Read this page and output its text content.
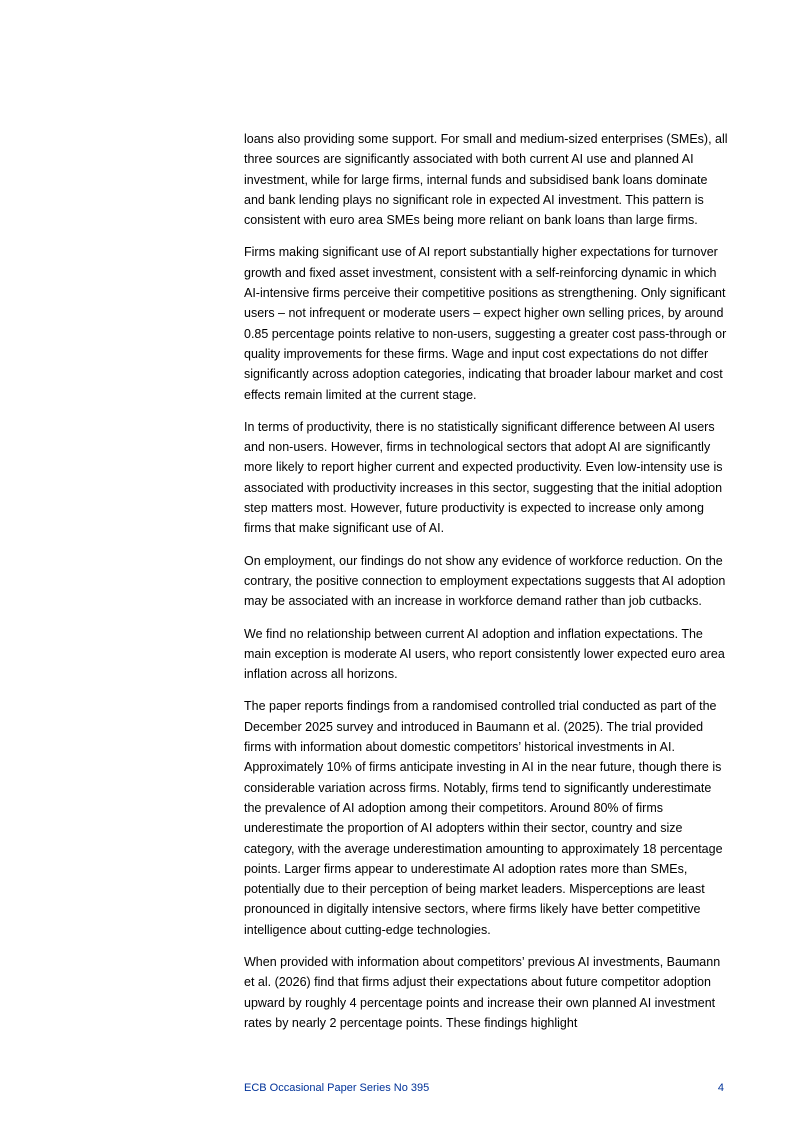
loans also providing some support. For small and medium-sized enterprises (SMEs), all three sources are significantly associated with both current AI use and planned AI investment, while for large firms, internal funds and subsidised bank loans dominate and bank lending plays no significant role in expected AI investment. This pattern is consistent with euro area SMEs being more reliant on bank loans than large firms.

Firms making significant use of AI report substantially higher expectations for turnover growth and fixed asset investment, consistent with a self-reinforcing dynamic in which AI-intensive firms perceive their competitive positions as strengthening. Only significant users – not infrequent or moderate users – expect higher own selling prices, by around 0.85 percentage points relative to non-users, suggesting a greater cost pass-through or quality improvements for these firms. Wage and input cost expectations do not differ significantly across adoption categories, indicating that broader labour market and cost effects remain limited at the current stage.

In terms of productivity, there is no statistically significant difference between AI users and non-users. However, firms in technological sectors that adopt AI are significantly more likely to report higher current and expected productivity. Even low-intensity use is associated with productivity increases in this sector, suggesting that the initial adoption step matters most. However, future productivity is expected to increase only among firms that make significant use of AI.

On employment, our findings do not show any evidence of workforce reduction. On the contrary, the positive connection to employment expectations suggests that AI adoption may be associated with an increase in workforce demand rather than job cutbacks.

We find no relationship between current AI adoption and inflation expectations. The main exception is moderate AI users, who report consistently lower expected euro area inflation across all horizons.

The paper reports findings from a randomised controlled trial conducted as part of the December 2025 survey and introduced in Baumann et al. (2025). The trial provided firms with information about domestic competitors’ historical investments in AI. Approximately 10% of firms anticipate investing in AI in the near future, though there is considerable variation across firms. Notably, firms tend to significantly underestimate the prevalence of AI adoption among their competitors. Around 80% of firms underestimate the proportion of AI adopters within their sector, country and size category, with the average underestimation amounting to approximately 18 percentage points. Larger firms appear to underestimate AI adoption rates more than SMEs, potentially due to their perception of being market leaders. Misperceptions are least pronounced in digitally intensive sectors, where firms likely have better competitive intelligence about cutting-edge technologies.

When provided with information about competitors’ previous AI investments, Baumann et al. (2026) find that firms adjust their expectations about future competitor adoption upward by roughly 4 percentage points and increase their own planned AI investment rates by nearly 2 percentage points. These findings highlight

ECB Occasional Paper Series No 395	4
